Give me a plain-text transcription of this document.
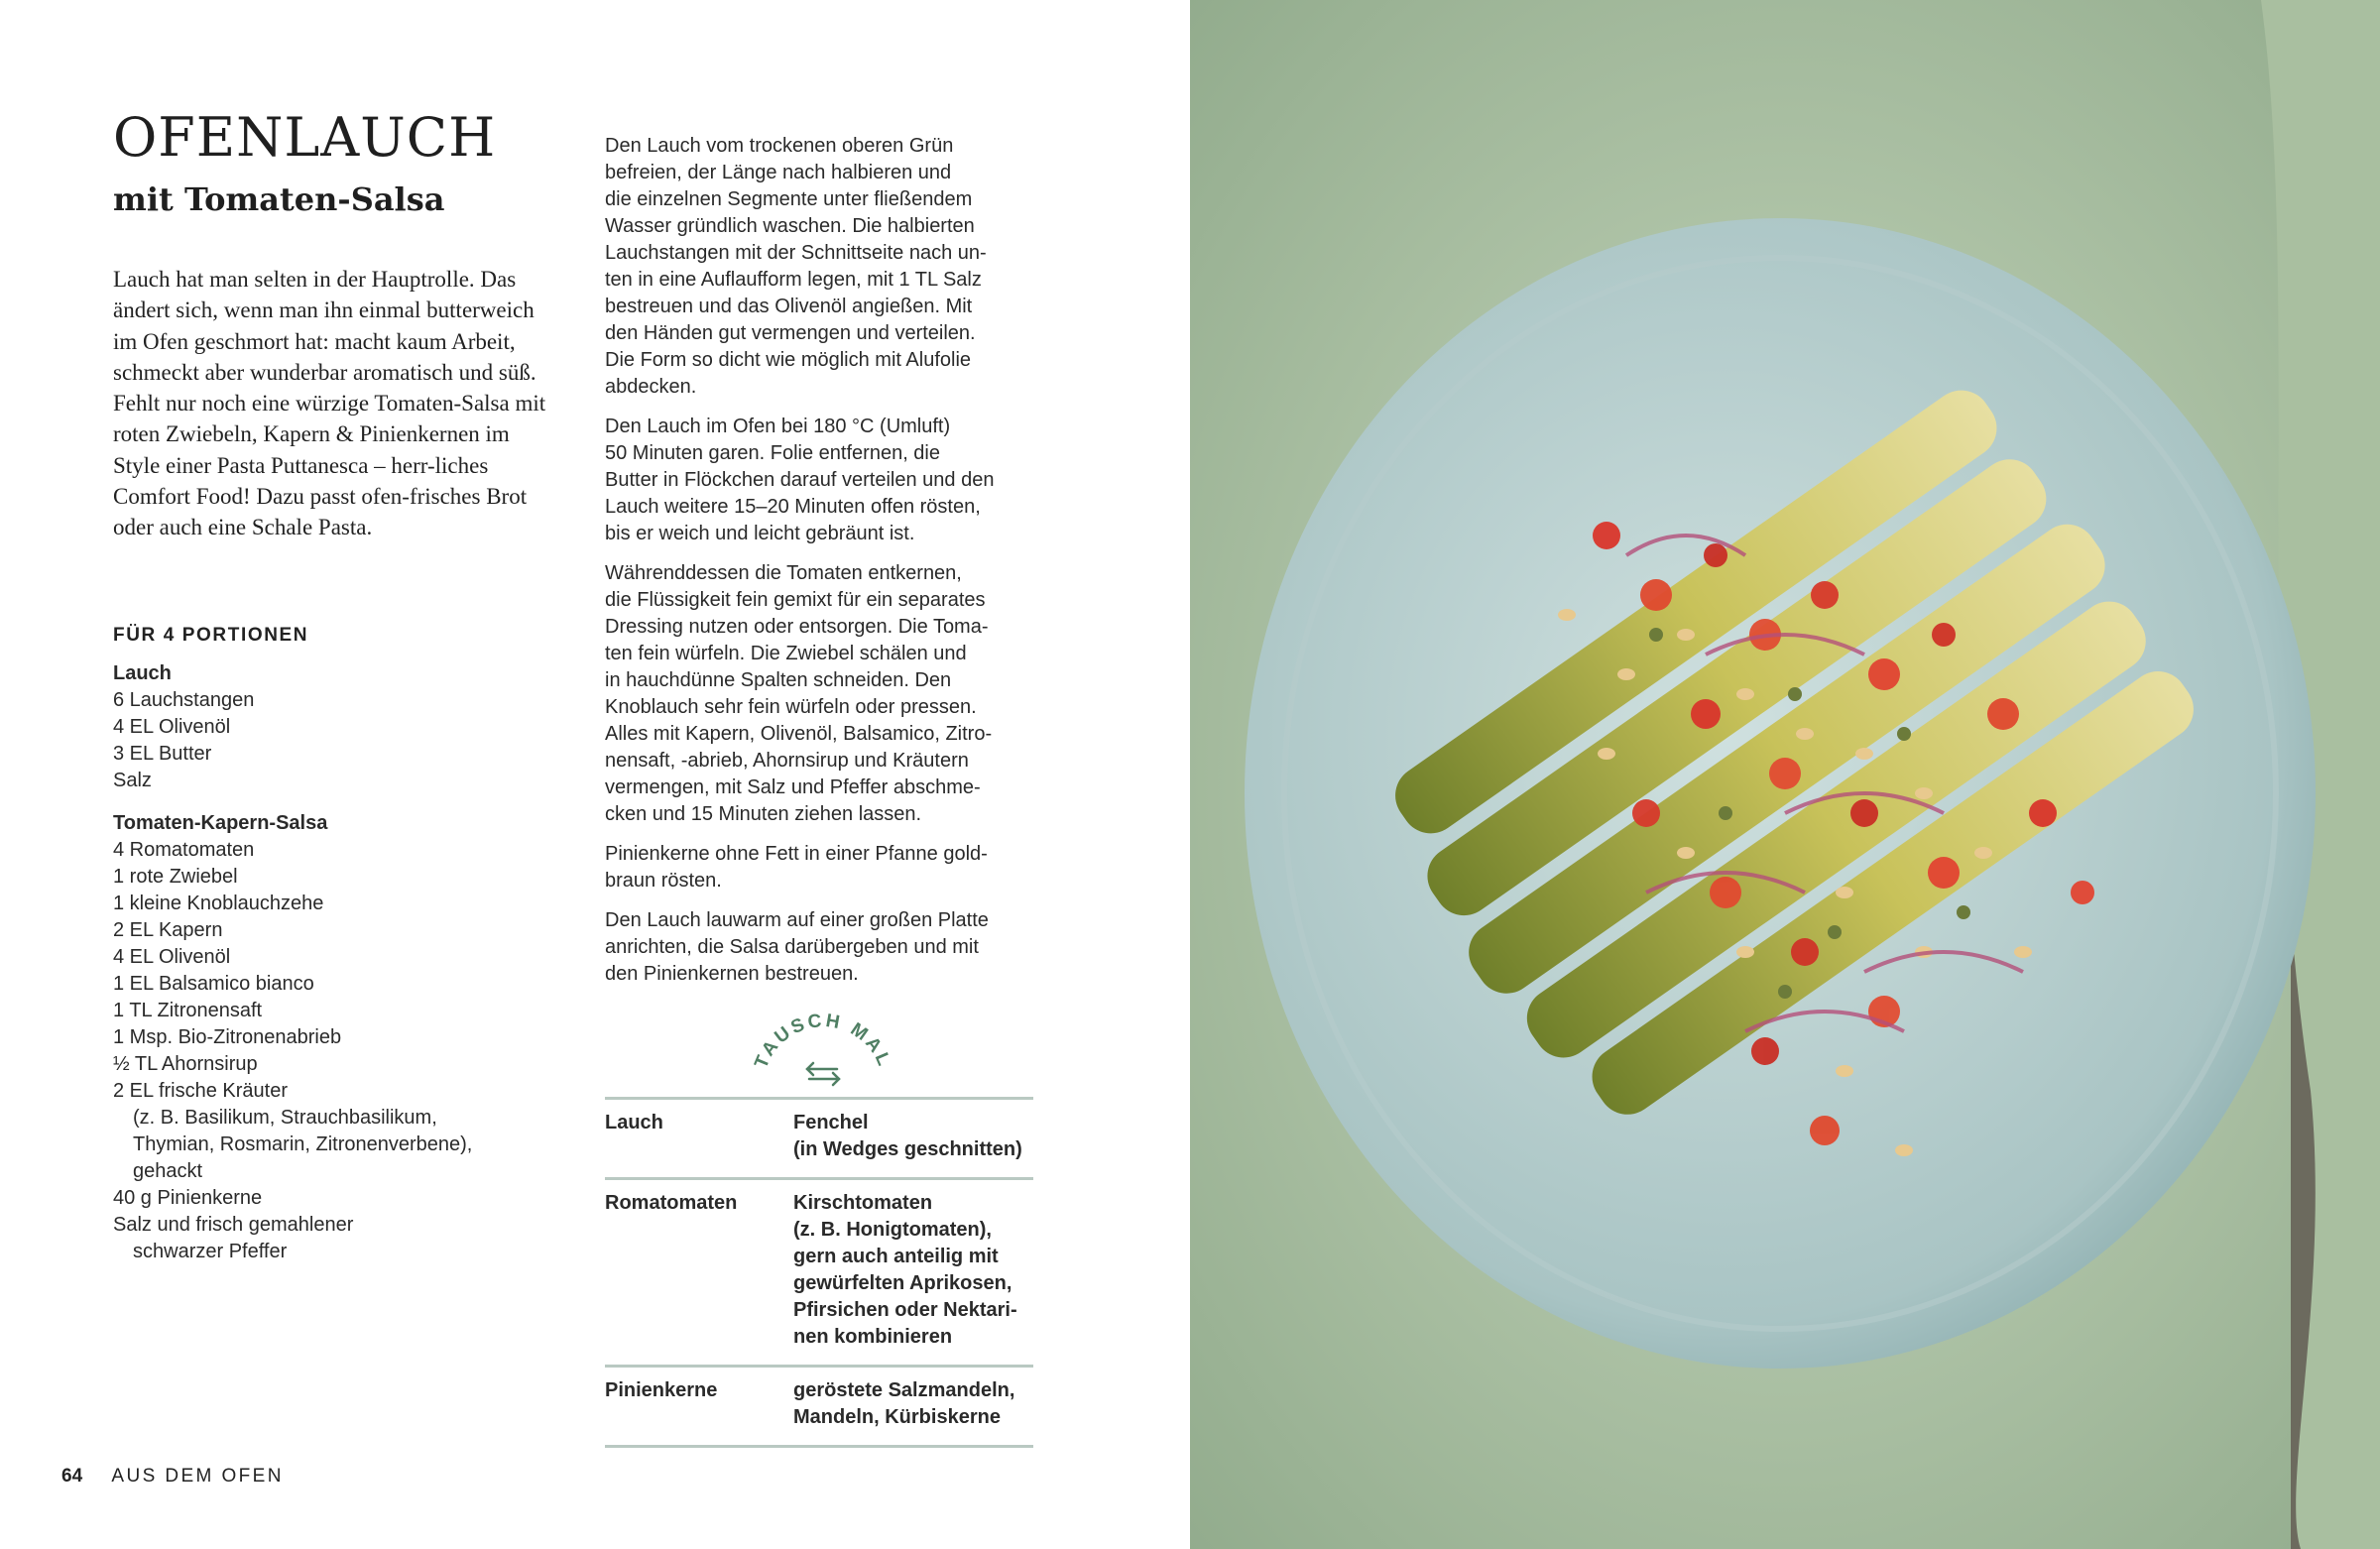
OFENLAUCH
mit Tomaten-Salsa

Lauch hat man selten in der Hauptrolle. Das ändert sich, wenn man ihn einmal butterweich im Ofen geschmort hat: macht kaum Arbeit, schmeckt aber wunderbar aromatisch und süß. Fehlt nur noch eine würzige Tomaten-Salsa mit roten Zwiebeln, Kapern & Pinienkernen im Style einer Pasta Puttanesca – herr-liches Comfort Food! Dazu passt ofen-frisches Brot oder auch eine Schale Pasta.

FÜR 4 PORTIONEN
Lauch
6 Lauchstangen
4 EL Olivenöl
3 EL Butter
Salz
Tomaten-Kapern-Salsa
4 Romatomaten
1 rote Zwiebel
1 kleine Knoblauchzehe
2 EL Kapern
4 EL Olivenöl
1 EL Balsamico bianco
1 TL Zitronensaft
1 Msp. Bio-Zitronenabrieb
½ TL Ahornsirup
2 EL frische Kräuter
(z. B. Basilikum, Strauchbasilikum,
Thymian, Rosmarin, Zitronenverbene),
gehackt
40 g Pinienkerne
Salz und frisch gemahlener
schwarzer Pfeffer

Den Lauch vom trockenen oberen Grün
befreien, der Länge nach halbieren und
die einzelnen Segmente unter fließendem
Wasser gründlich waschen. Die halbierten
Lauchstangen mit der Schnittseite nach un-
ten in eine Auflaufform legen, mit 1 TL Salz
bestreuen und das Olivenöl angießen. Mit
den Händen gut vermengen und verteilen.
Die Form so dicht wie möglich mit Alufolie
abdecken.

Den Lauch im Ofen bei 180 °C (Umluft)
50 Minuten garen. Folie entfernen, die
Butter in Flöckchen darauf verteilen und den
Lauch weitere 15–20 Minuten offen rösten,
bis er weich und leicht gebräunt ist.

Währenddessen die Tomaten entkernen,
die Flüssigkeit fein gemixt für ein separates
Dressing nutzen oder entsorgen. Die Toma-
ten fein würfeln. Die Zwiebel schälen und
in hauchdünne Spalten schneiden. Den
Knoblauch sehr fein würfeln oder pressen.
Alles mit Kapern, Olivenöl, Balsamico, Zitro-
nensaft, -abrieb, Ahornsirup und Kräutern
vermengen, mit Salz und Pfeffer abschme-
cken und 15 Minuten ziehen lassen.

Pinienkerne ohne Fett in einer Pfanne gold-
braun rösten.

Den Lauch lauwarm auf einer großen Platte
anrichten, die Salsa darübergeben und mit
den Pinienkernen bestreuen.

TAUSCH MAL
Lauch	Fenchel
(in Wedges geschnitten)
Romatomaten	Kirschtomaten
(z. B. Honigtomaten),
gern auch anteilig mit
gewürfelten Aprikosen,
Pfirsichen oder Nektari-
nen kombinieren
Pinienkerne	geröstete Salzmandeln,
Mandeln, Kürbiskerne
64 AUS DEM OFEN
